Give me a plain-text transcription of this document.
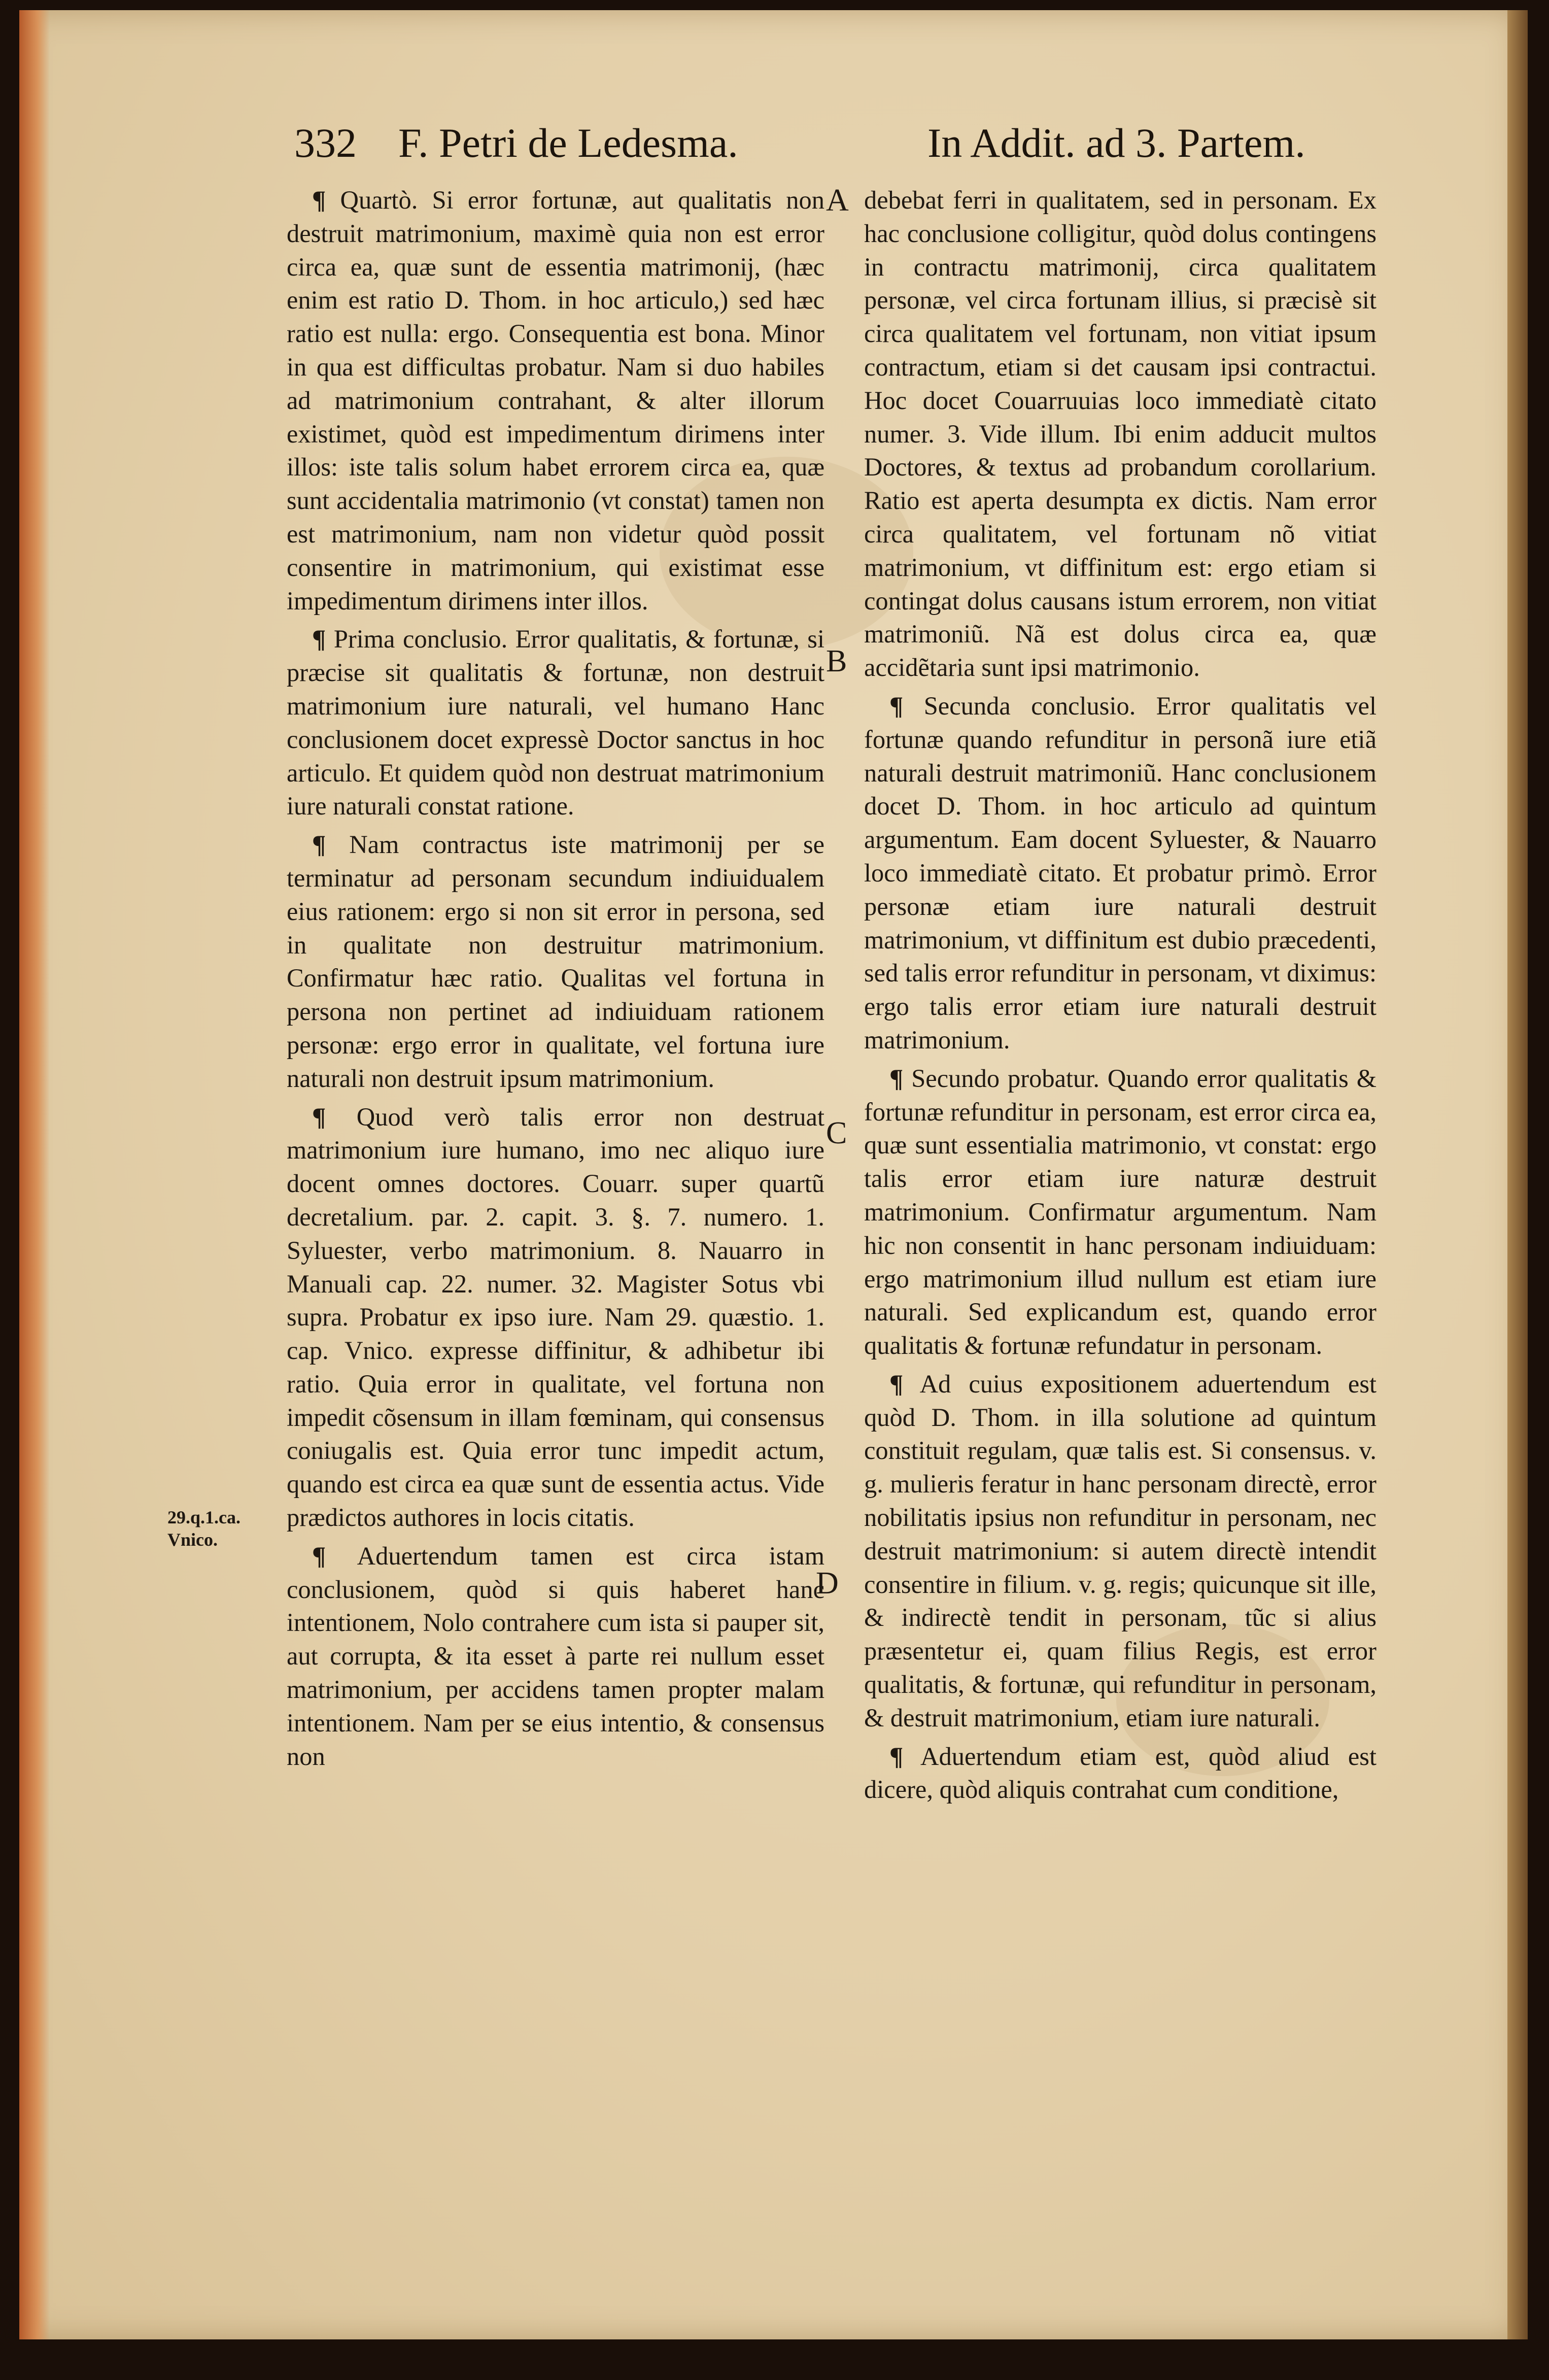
332 F. Petri de Ledesma.	In Addit. ad 3. Partem.

¶ Quartò. Si error fortunæ, aut qualitatis non destruit matrimonium, maximè quia non est error circa ea, quæ sunt de essentia matrimonij, (hæc enim est ratio D. Thom. in hoc articulo,) sed hæc ratio est nulla: ergo. Consequentia est bona. Minor in qua est difficultas probatur. Nam si duo habiles ad matrimonium contrahant, & alter illorum existimet, quòd est impedimentum dirimens inter illos: iste talis solum habet errorem circa ea, quæ sunt accidentalia matrimonio (vt constat) tamen non est matrimonium, nam non videtur quòd possit consentire in matrimonium, qui existimat esse impedimentum dirimens inter illos.

¶ Prima conclusio. Error qualitatis, & fortunæ, si præcise sit qualitatis & fortunæ, non destruit matrimonium iure naturali, vel humano Hanc conclusionem docet expressè Doctor sanctus in hoc articulo. Et quidem quòd non destruat matrimonium iure naturali constat ratione.

¶ Nam contractus iste matrimonij per se terminatur ad personam secundum indiuidualem eius rationem: ergo si non sit error in persona, sed in qualitate non destruitur matrimonium. Confirmatur hæc ratio. Qualitas vel fortuna in persona non pertinet ad indiuiduam rationem personæ: ergo error in qualitate, vel fortuna iure naturali non destruit ipsum matrimonium.

¶ Quod verò talis error non destruat matrimonium iure humano, imo nec aliquo iure docent omnes doctores. Couarr. super quartũ decretalium. par. 2. capit. 3. §. 7. numero. 1. Syluester, verbo matrimonium. 8. Nauarro in Manuali cap. 22. numer. 32. Magister Sotus vbi supra. Probatur ex ipso iure. Nam 29. quæstio. 1. cap. Vnico. expresse diffinitur, & adhibetur ibi ratio. Quia error in qualitate, vel fortuna non impedit cõsensum in illam fœminam, qui consensus coniugalis est. Quia error tunc impedit actum, quando est circa ea quæ sunt de essentia actus. Vide prædictos authores in locis citatis.

¶ Aduertendum tamen est circa istam conclusionem, quòd si quis haberet hanc intentionem, Nolo contrahere cum ista si pauper sit, aut corrupta, & ita esset à parte rei nullum esset matrimonium, per accidens tamen propter malam intentionem. Nam per se eius intentio, & consensus non

debebat ferri in qualitatem, sed in personam. Ex hac conclusione colligitur, quòd dolus contingens in contractu matrimonij, circa qualitatem personæ, vel circa fortunam illius, si præcisè sit circa qualitatem vel fortunam, non vitiat ipsum contractum, etiam si det causam ipsi contractui. Hoc docet Couarruuias loco immediatè citato numer. 3. Vide illum. Ibi enim adducit multos Doctores, & textus ad probandum corollarium. Ratio est aperta desumpta ex dictis. Nam error circa qualitatem, vel fortunam nõ vitiat matrimonium, vt diffinitum est: ergo etiam si contingat dolus causans istum errorem, non vitiat matrimoniũ. Nã est dolus circa ea, quæ accidẽtaria sunt ipsi matrimonio.

¶ Secunda conclusio. Error qualitatis vel fortunæ quando refunditur in personã iure etiã naturali destruit matrimoniũ. Hanc conclusionem docet D. Thom. in hoc articulo ad quintum argumentum. Eam docent Syluester, & Nauarro loco immediatè citato. Et probatur primò. Error personæ etiam iure naturali destruit matrimonium, vt diffinitum est dubio præcedenti, sed talis error refunditur in personam, vt diximus: ergo talis error etiam iure naturali destruit matrimonium.

¶ Secundo probatur. Quando error qualitatis & fortunæ refunditur in personam, est error circa ea, quæ sunt essentialia matrimonio, vt constat: ergo talis error etiam iure naturæ destruit matrimonium. Confirmatur argumentum. Nam hic non consentit in hanc personam indiuiduam: ergo matrimonium illud nullum est etiam iure naturali. Sed explicandum est, quando error qualitatis & fortunæ refundatur in personam.

¶ Ad cuius expositionem aduertendum est quòd D. Thom. in illa solutione ad quintum constituit regulam, quæ talis est. Si consensus. v. g. mulieris feratur in hanc personam directè, error nobilitatis ipsius non refunditur in personam, nec destruit matrimonium: si autem directè intendit consentire in filium. v. g. regis; quicunque sit ille, & indirectè tendit in personam, tũc si alius præsentetur ei, quam filius Regis, est error qualitatis, & fortunæ, qui refunditur in personam, & destruit matrimonium, etiam iure naturali.

¶ Aduertendum etiam est, quòd aliud est dicere, quòd aliquis contrahat cum conditione,

A
B
C
D
29.q.1.ca. Vnico.
